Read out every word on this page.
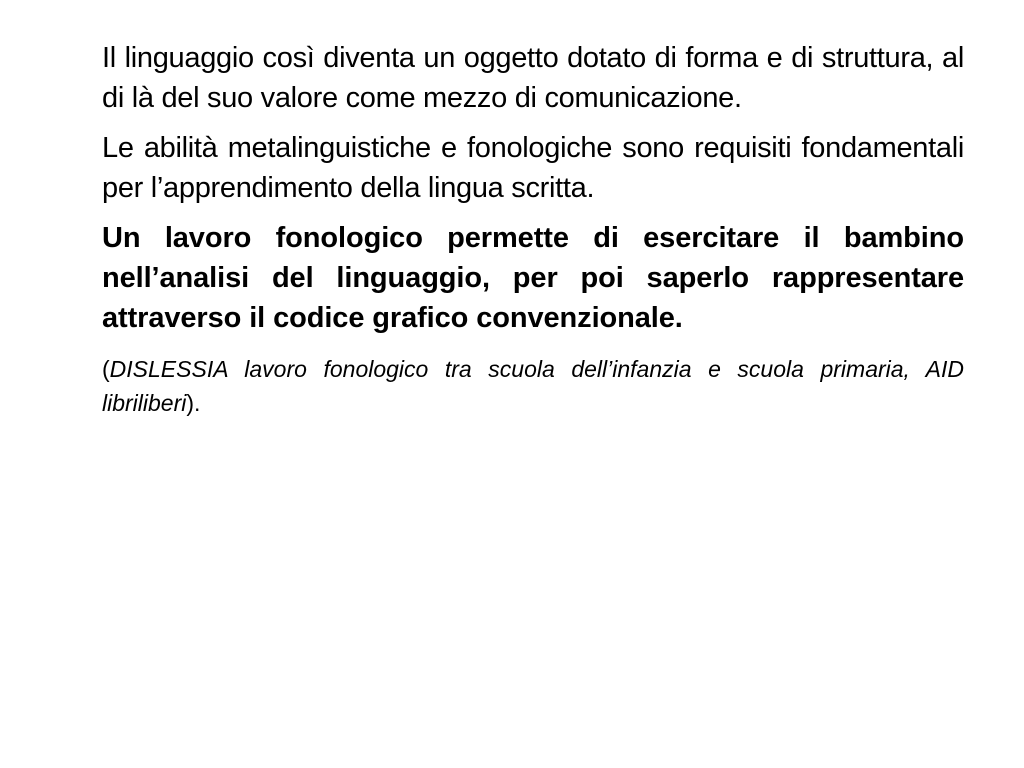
Il linguaggio così diventa un oggetto dotato di forma e di struttura, al di là del suo valore come mezzo di comunicazione.

Le abilità metalinguistiche e fonologiche sono requisiti fondamentali per l’apprendimento della lingua scritta.

Un lavoro fonologico permette di esercitare il bambino nell’analisi del linguaggio, per poi saperlo rappresentare attraverso il codice grafico convenzionale.

(DISLESSIA lavoro fonologico tra scuola dell’infanzia e scuola primaria, AID libriliberi).
